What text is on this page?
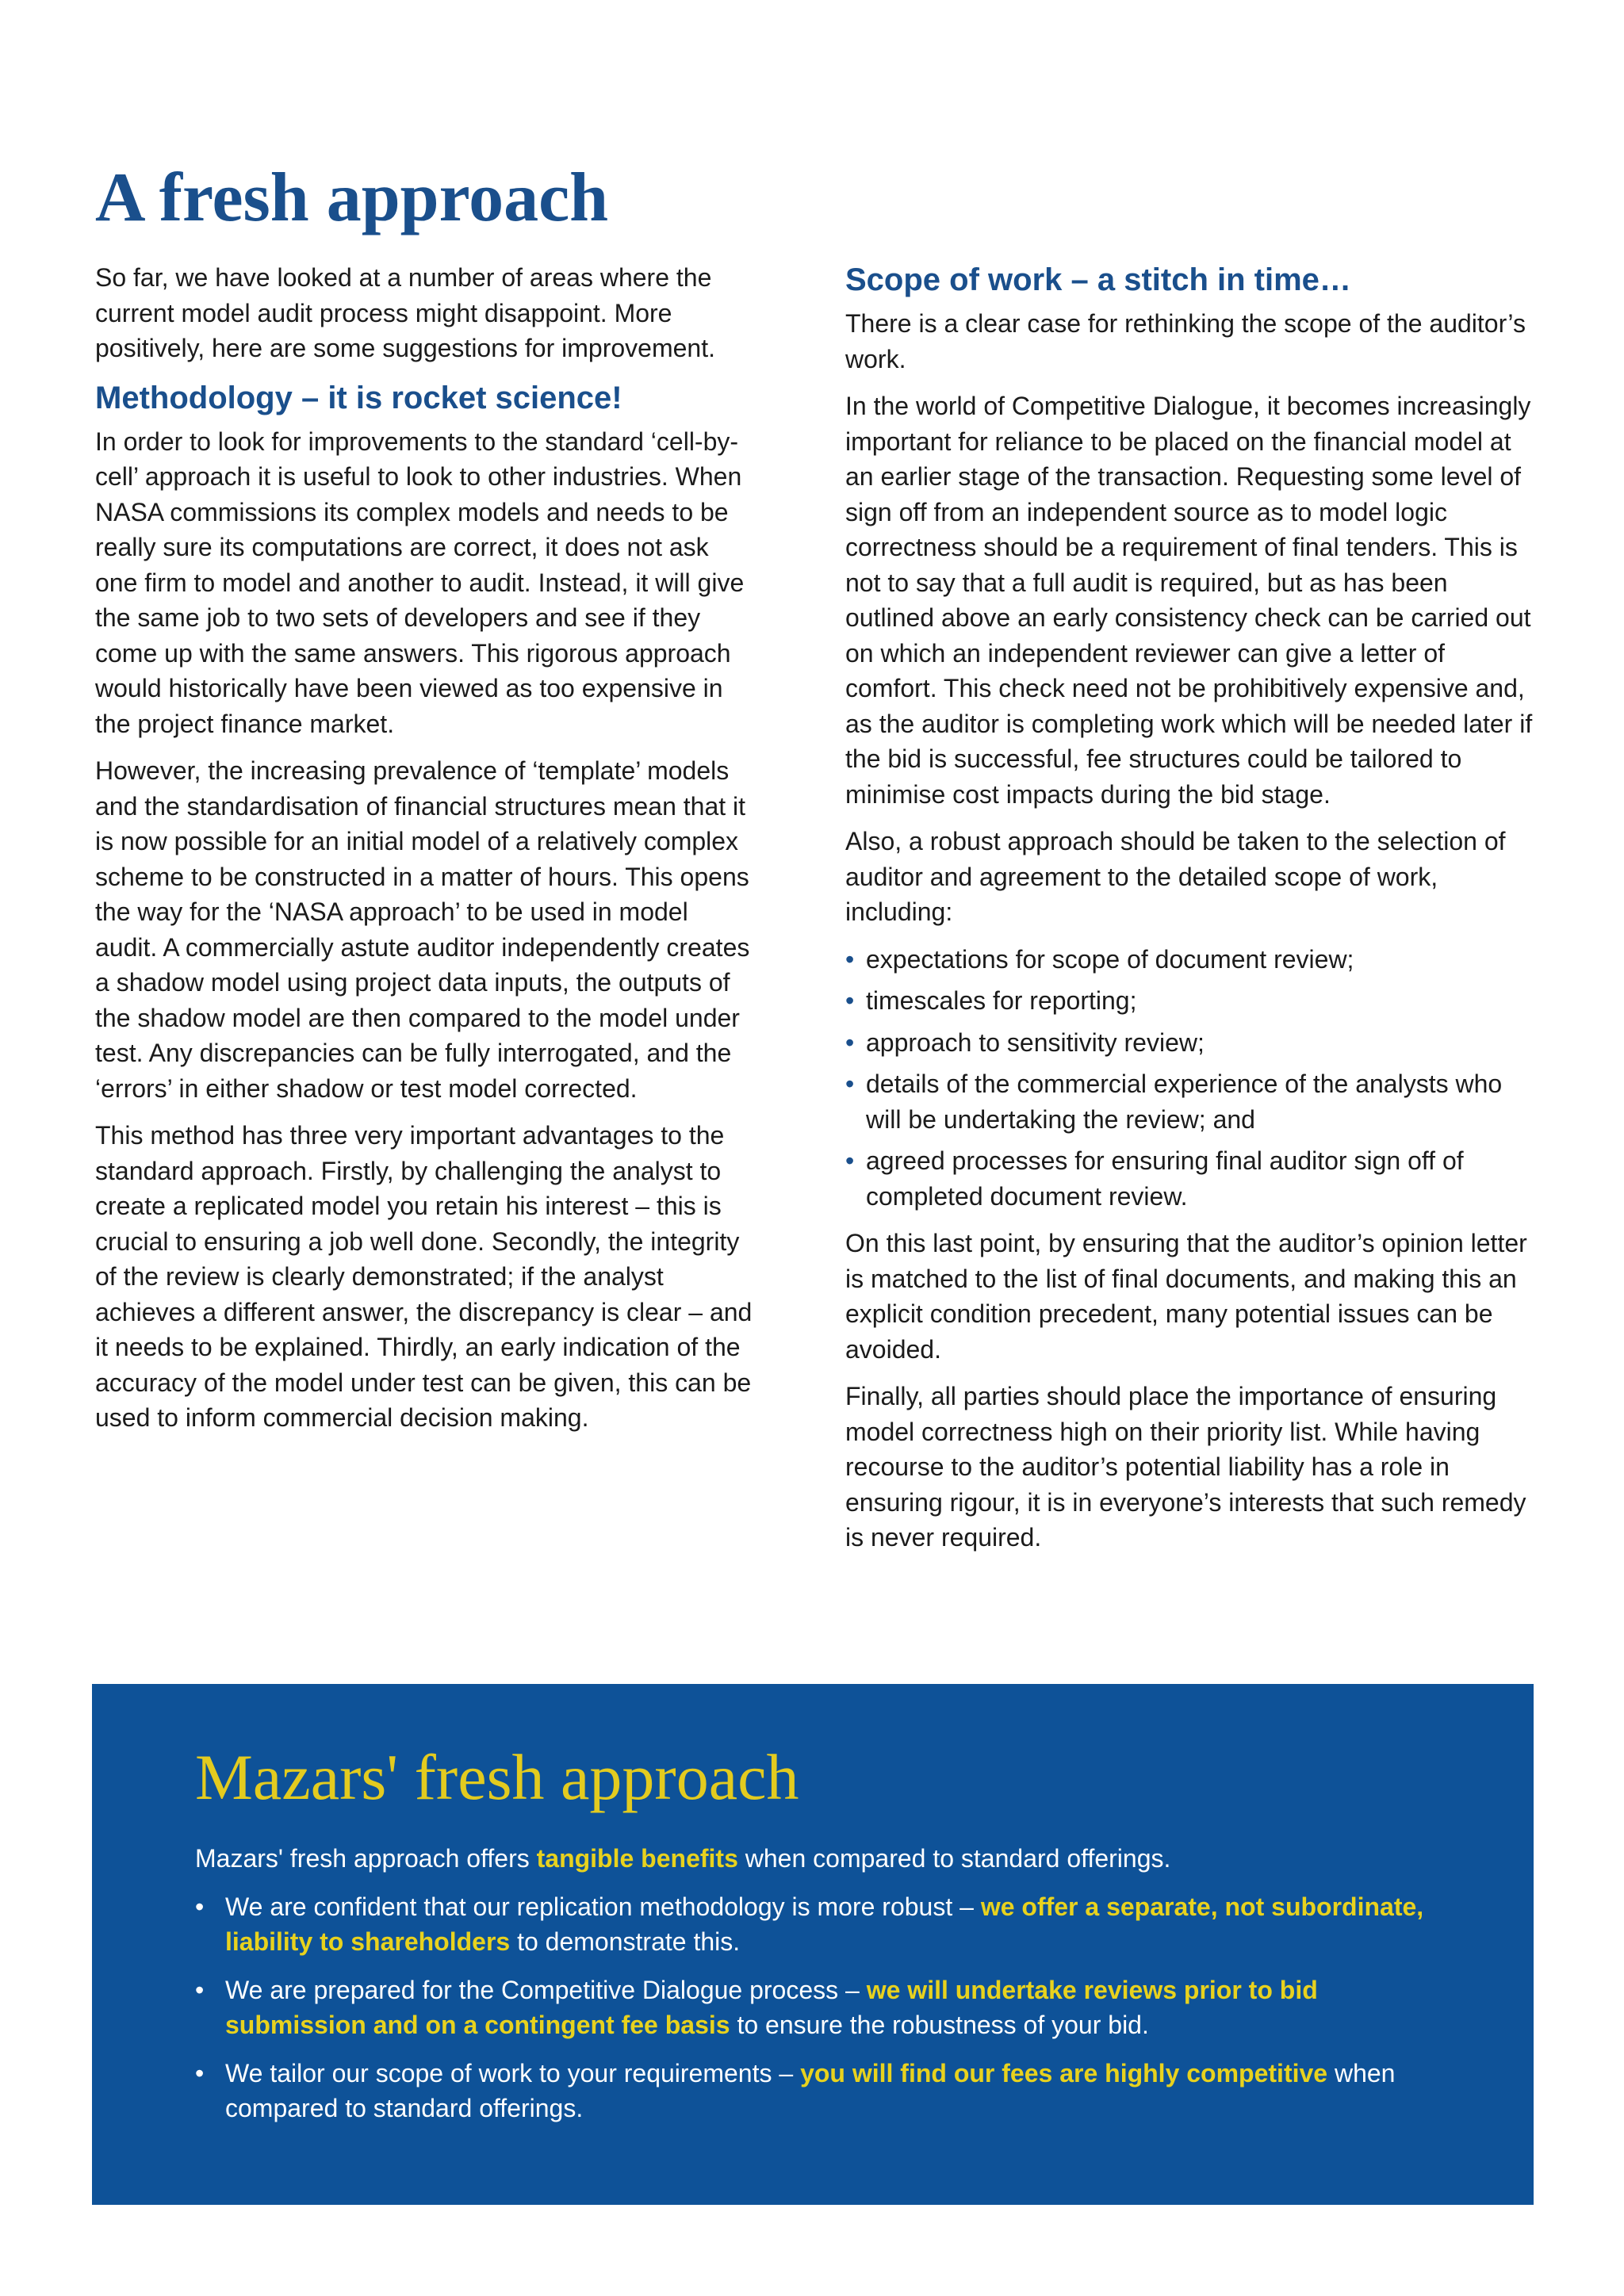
A fresh approach

So far, we have looked at a number of areas where the current model audit process might disappoint. More positively, here are some suggestions for improvement.

Methodology – it is rocket science!

In order to look for improvements to the standard ‘cell-by-cell’ approach it is useful to look to other industries. When NASA commissions its complex models and needs to be really sure its computations are correct, it does not ask one firm to model and another to audit. Instead, it will give the same job to two sets of developers and see if they come up with the same answers. This rigorous approach would historically have been viewed as too expensive in the project finance market.

However, the increasing prevalence of ‘template’ models and the standardisation of financial structures mean that it is now possible for an initial model of a relatively complex scheme to be constructed in a matter of hours. This opens the way for the ‘NASA approach’ to be used in model audit. A commercially astute auditor independently creates a shadow model using project data inputs, the outputs of the shadow model are then compared to the model under test. Any discrepancies can be fully interrogated, and the ‘errors’ in either shadow or test model corrected.

This method has three very important advantages to the standard approach. Firstly, by challenging the analyst to create a replicated model you retain his interest – this is crucial to ensuring a job well done. Secondly, the integrity of the review is clearly demonstrated; if the analyst achieves a different answer, the discrepancy is clear – and it needs to be explained. Thirdly, an early indication of the accuracy of the model under test can be given, this can be used to inform commercial decision making.

Scope of work – a stitch in time…

There is a clear case for rethinking the scope of the auditor’s work.

In the world of Competitive Dialogue, it becomes increasingly important for reliance to be placed on the financial model at an earlier stage of the transaction. Requesting some level of sign off from an independent source as to model logic correctness should be a requirement of final tenders. This is not to say that a full audit is required, but as has been outlined above an early consistency check can be carried out on which an independent reviewer can give a letter of comfort. This check need not be prohibitively expensive and, as the auditor is completing work which will be needed later if the bid is successful, fee structures could be tailored to minimise cost impacts during the bid stage.

Also, a robust approach should be taken to the selection of auditor and agreement to the detailed scope of work, including:

• expectations for scope of document review;
• timescales for reporting;
• approach to sensitivity review;
• details of the commercial experience of the analysts who will be undertaking the review; and
• agreed processes for ensuring final auditor sign off of completed document review.

On this last point, by ensuring that the auditor’s opinion letter is matched to the list of final documents, and making this an explicit condition precedent, many potential issues can be avoided.

Finally, all parties should place the importance of ensuring model correctness high on their priority list. While having recourse to the auditor’s potential liability has a role in ensuring rigour, it is in everyone’s interests that such remedy is never required.

Mazars' fresh approach

Mazars' fresh approach offers tangible benefits when compared to standard offerings.

• We are confident that our replication methodology is more robust – we offer a separate, not subordinate, liability to shareholders to demonstrate this.
• We are prepared for the Competitive Dialogue process – we will undertake reviews prior to bid submission and on a contingent fee basis to ensure the robustness of your bid.
• We tailor our scope of work to your requirements – you will find our fees are highly competitive when compared to standard offerings.
